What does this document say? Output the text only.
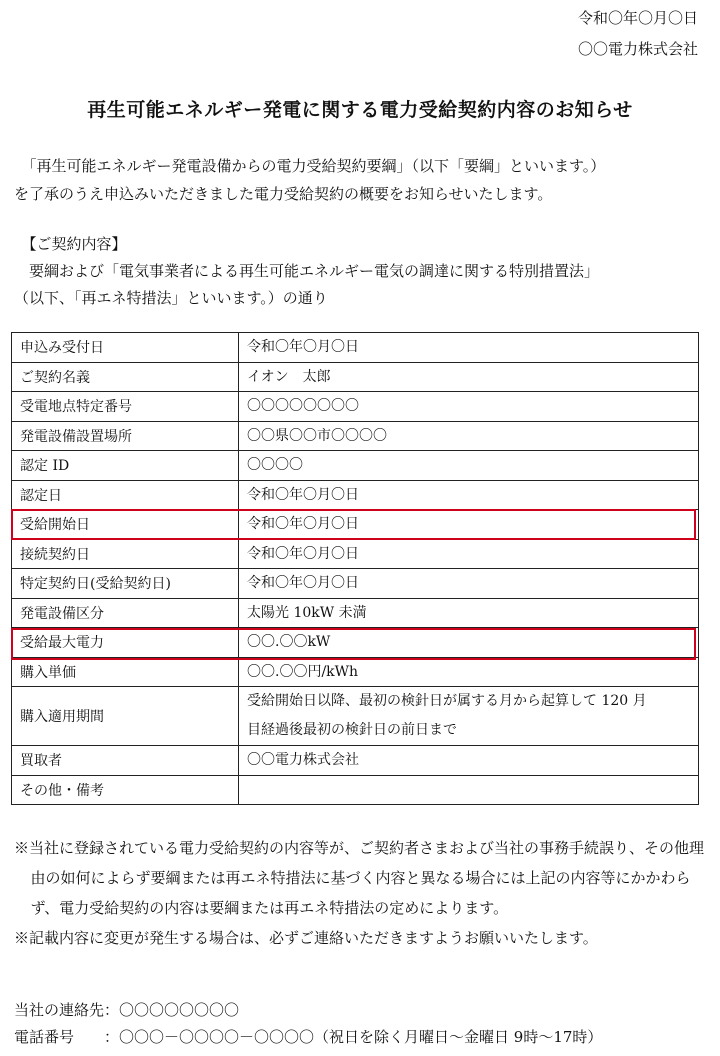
令和〇年〇月〇日
〇〇電力株式会社
再生可能エネルギー発電に関する電力受給契約内容のお知らせ
　「再生可能エネルギー発電設備からの電力受給契約要綱」（以下「要綱」といいます。）
を了承のうえ申込みいただきました電力受給契約の概要をお知らせいたします。
　【ご契約内容】
　要綱および「電気事業者による再生可能エネルギー電気の調達に関する特別措置法」
（以下、「再エネ特措法」といいます。）の通り
申込み受付日	令和〇年〇月〇日
ご契約名義	イオン　太郎
受電地点特定番号	〇〇〇〇〇〇〇〇
発電設備設置場所	〇〇県〇〇市〇〇〇〇
認定 ID	〇〇〇〇
認定日	令和〇年〇月〇日
受給開始日	令和〇年〇月〇日
接続契約日	令和〇年〇月〇日
特定契約日(受給契約日)	令和〇年〇月〇日
発電設備区分	太陽光 10kW 未満
受給最大電力	〇〇.〇〇kW
購入単価	〇〇.〇〇円/kWh
購入適用期間	受給開始日以降、最初の検針日が属する月から起算して 120 月
目経過後最初の検針日の前日まで

買取者	〇〇電力株式会社
その他・備考	
※当社に登録されている電力受給契約の内容等が、ご契約者さまおよび当社の事務手続誤り、その他理由の如何によらず要綱または再エネ特措法に基づく内容と異なる場合には上記の内容等にかかわらず、電力受給契約の内容は要綱または再エネ特措法の定めによります。
※記載内容に変更が発生する場合は、必ずご連絡いただきますようお願いいたします。
当社の連絡先：〇〇〇〇〇〇〇〇
電話番号　　：〇〇〇－〇〇〇〇－〇〇〇〇（祝日を除く月曜日～金曜日 9時～17時）
